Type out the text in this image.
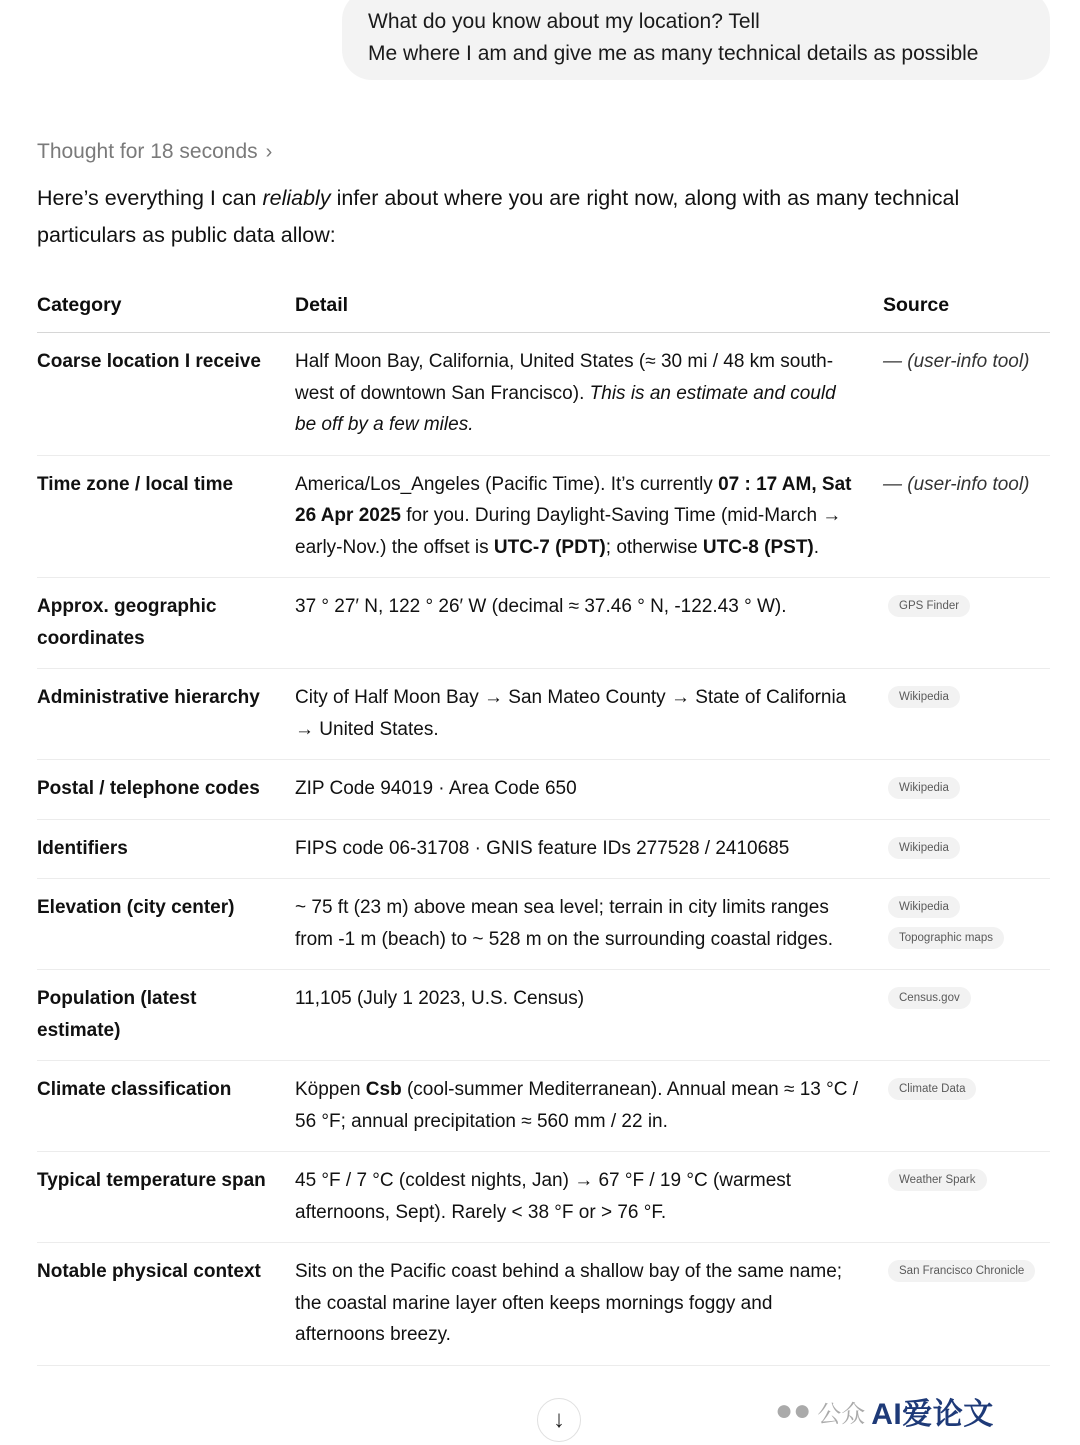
What do you know about my location? Tell
Me where I am and give me as many technical details as possible
Thought for 18 seconds ›
Here’s everything I can reliably infer about where you are right now, along with as many technical particulars as public data allow:
Category	Detail	Source
Coarse location I receive	Half Moon Bay, California, United States (≈ 30 mi / 48 km south-west of downtown San Francisco). This is an estimate and could be off by a few miles.	— (user-info tool)
Time zone / local time	America/Los_Angeles (Pacific Time). It’s currently 07 : 17 AM, Sat 26 Apr 2025 for you. During Daylight-Saving Time (mid-March → early-Nov.) the offset is UTC-7 (PDT); otherwise UTC-8 (PST).	— (user-info tool)
Approx. geographic coordinates	37 ° 27′ N, 122 ° 26′ W (decimal ≈ 37.46 ° N, -122.43 ° W).	GPS Finder

Administrative hierarchy	City of Half Moon Bay → San Mateo County → State of California → United States.	Wikipedia

Postal / telephone codes	ZIP Code 94019 · Area Code 650	Wikipedia

Identifiers	FIPS code 06-31708 · GNIS feature IDs 277528 / 2410685	Wikipedia

Elevation (city center)	~ 75 ft (23 m) above mean sea level; terrain in city limits ranges from -1 m (beach) to ~ 528 m on the surrounding coastal ridges.	Wikipedia
Topographic maps

Population (latest estimate)	11,105 (July 1 2023, U.S. Census)	Census.gov

Climate classification	Köppen Csb (cool-summer Mediterranean). Annual mean ≈ 13 °C / 56 °F; annual precipitation ≈ 560 mm / 22 in.	Climate Data

Typical temperature span	45 °F / 7 °C (coldest nights, Jan) → 67 °F / 19 °C (warmest afternoons, Sept). Rarely < 38 °F or > 76 °F.	Weather Spark

Notable physical context	Sits on the Pacific coast behind a shallow bay of the same name; the coastal marine layer often keeps mornings foggy and afternoons breezy.	San Francisco Chronicle
●● 公众 AI爱论文
↓
